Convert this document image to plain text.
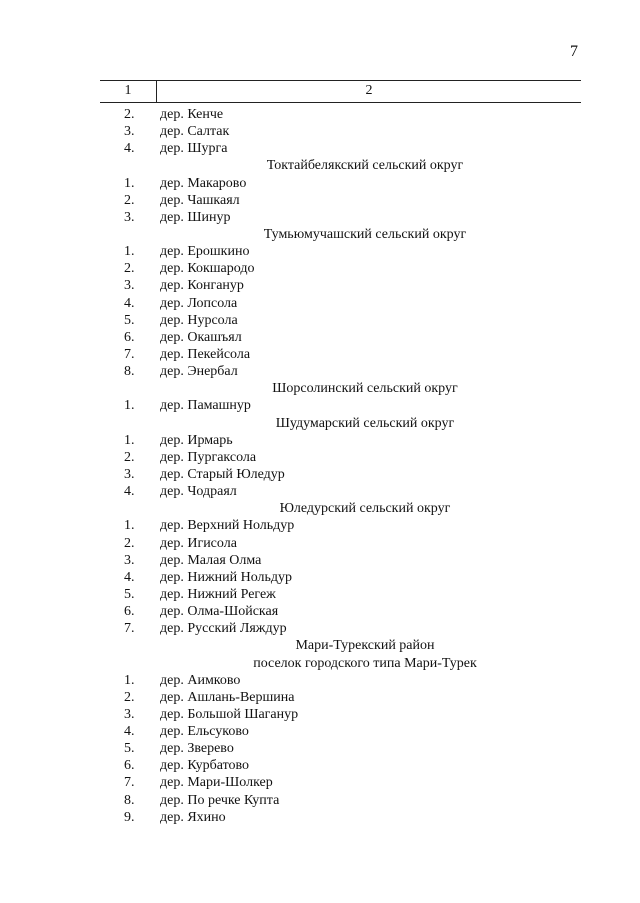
7
1	2
2. дер. Кенче
3. дер. Салтак
4. дер. Шурга
Токтайбелякский сельский округ
1. дер. Макарово
2. дер. Чашкаял
3. дер. Шинур
Тумьюмучашский сельский округ
1. дер. Ерошкино
2. дер. Кокшародо
3. дер. Конганур
4. дер. Лопсола
5. дер. Нурсола
6. дер. Окашъял
7. дер. Пекейсола
8. дер. Энербал
Шорсолинский сельский округ
1. дер. Памашнур
Шудумарский сельский округ
1. дер. Ирмарь
2. дер. Пургаксола
3. дер. Старый Юледур
4. дер. Чодраял
Юледурский сельский округ
1. дер. Верхний Нольдур
2. дер. Игисола
3. дер. Малая Олма
4. дер. Нижний Нольдур
5. дер. Нижний Регеж
6. дер. Олма-Шойская
7. дер. Русский Ляждур
Мари-Турекский район
поселок городского типа Мари-Турек
1. дер. Аимково
2. дер. Ашлань-Вершина
3. дер. Большой Шаганур
4. дер. Ельсуково
5. дер. Зверево
6. дер. Курбатово
7. дер. Мари-Шолкер
8. дер. По речке Купта
9. дер. Яхино
